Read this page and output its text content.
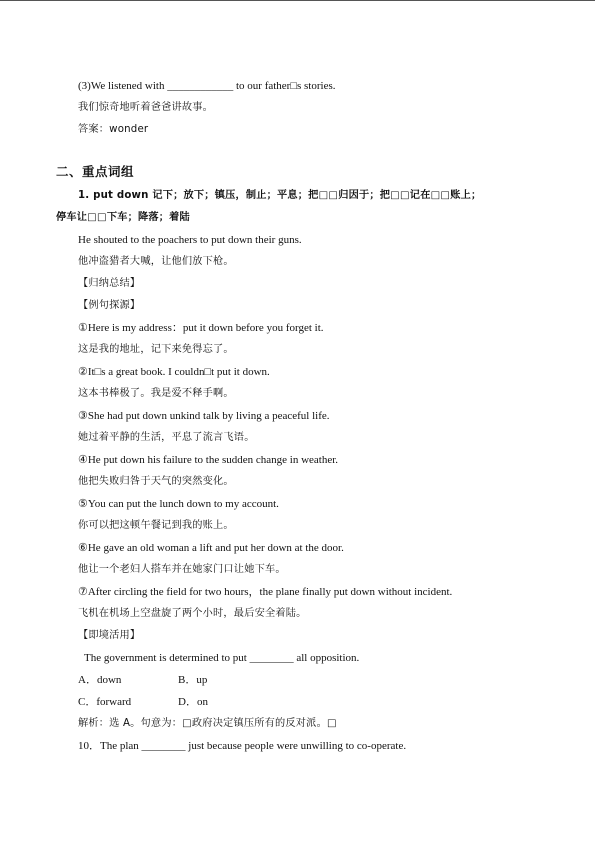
(3)We listened with ____________ to our father□s stories.
我们惊奇地听着爸爸讲故事。
答案：wonder
二、重点词组
1. put down 记下；放下；镇压，制止；平息；把□□归因于；把□□记在□□账上；
停车让□□下车；降落；着陆
He shouted to the poachers to put down their guns.
他冲盗猎者大喊，让他们放下枪。
【归纳总结】
【例句探源】
①Here is my address：put it down before you forget it.
这是我的地址，记下来免得忘了。
②It□s a great book. I couldn□t put it down.
这本书棒极了。我是爱不释手啊。
③She had put down unkind talk by living a peaceful life.
她过着平静的生活，平息了流言飞语。
④He put down his failure to the sudden change in weather.
他把失败归咎于天气的突然变化。
⑤You can put the lunch down to my account.
你可以把这顿午餐记到我的账上。
⑥He gave an old woman a lift and put her down at the door.
他让一个老妇人搭车并在她家门口让她下车。
⑦After circling the field for two hours，the plane finally put down without incident.
飞机在机场上空盘旋了两个小时，最后安全着陆。
【即境活用】
The government is determined to put ________ all opposition.
A．down	B．up
C．forward	D．on
解析：选 A。句意为：□政府决定镇压所有的反对派。□
10．The plan ________ just because people were unwilling to co-operate.
